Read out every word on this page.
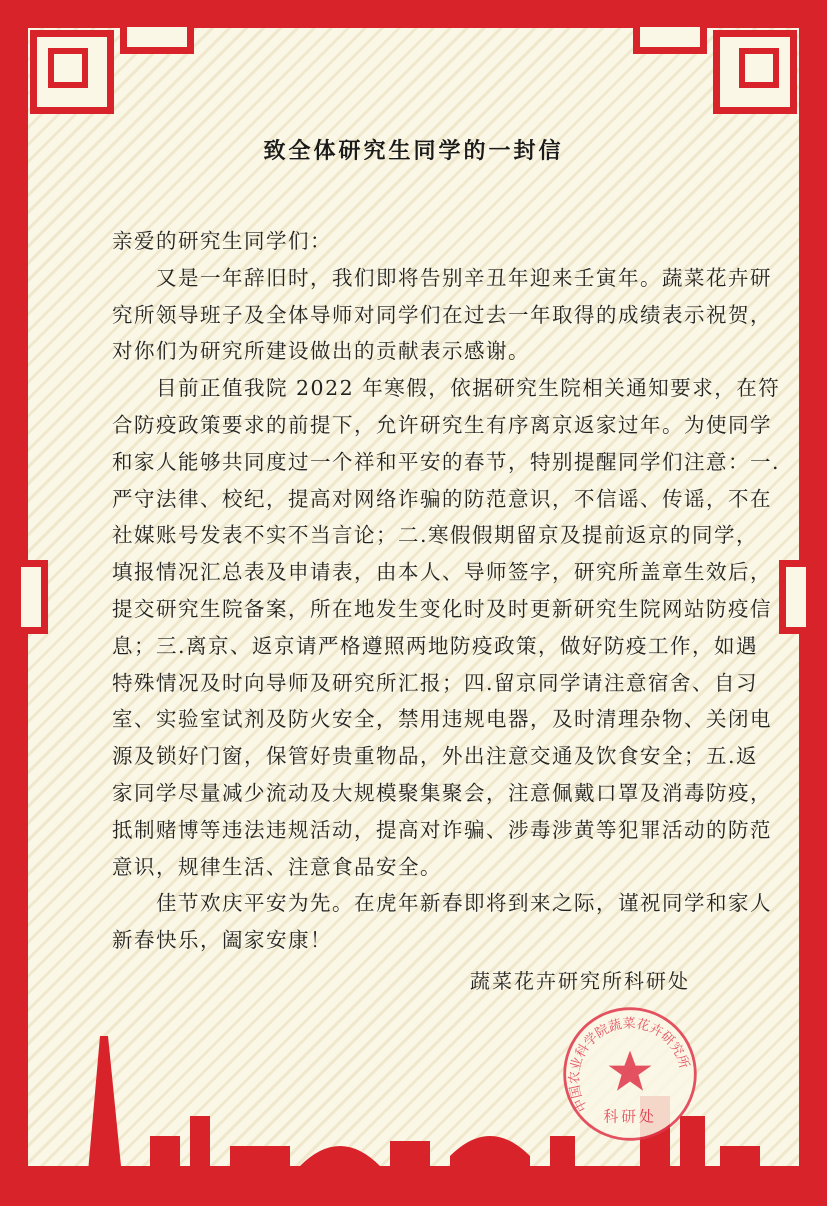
致全体研究生同学的一封信
亲爱的研究生同学们：
又是一年辞旧时，我们即将告别辛丑年迎来壬寅年。蔬菜花卉研
究所领导班子及全体导师对同学们在过去一年取得的成绩表示祝贺，
对你们为研究所建设做出的贡献表示感谢。
目前正值我院 2022 年寒假，依据研究生院相关通知要求，在符
合防疫政策要求的前提下，允许研究生有序离京返家过年。为使同学
和家人能够共同度过一个祥和平安的春节，特别提醒同学们注意：一.
严守法律、校纪，提高对网络诈骗的防范意识，不信谣、传谣，不在
社媒账号发表不实不当言论；二.寒假假期留京及提前返京的同学，
填报情况汇总表及申请表，由本人、导师签字，研究所盖章生效后，
提交研究生院备案，所在地发生变化时及时更新研究生院网站防疫信
息；三.离京、返京请严格遵照两地防疫政策，做好防疫工作，如遇
特殊情况及时向导师及研究所汇报；四.留京同学请注意宿舍、自习
室、实验室试剂及防火安全，禁用违规电器，及时清理杂物、关闭电
源及锁好门窗，保管好贵重物品，外出注意交通及饮食安全；五.返
家同学尽量减少流动及大规模聚集聚会，注意佩戴口罩及消毒防疫，
抵制赌博等违法违规活动，提高对诈骗、涉毒涉黄等犯罪活动的防范
意识，规律生活、注意食品安全。
佳节欢庆平安为先。在虎年新春即将到来之际，谨祝同学和家人
新春快乐，阖家安康！
蔬菜花卉研究所科研处
中国农业科学院蔬菜花卉研究所
科研处
